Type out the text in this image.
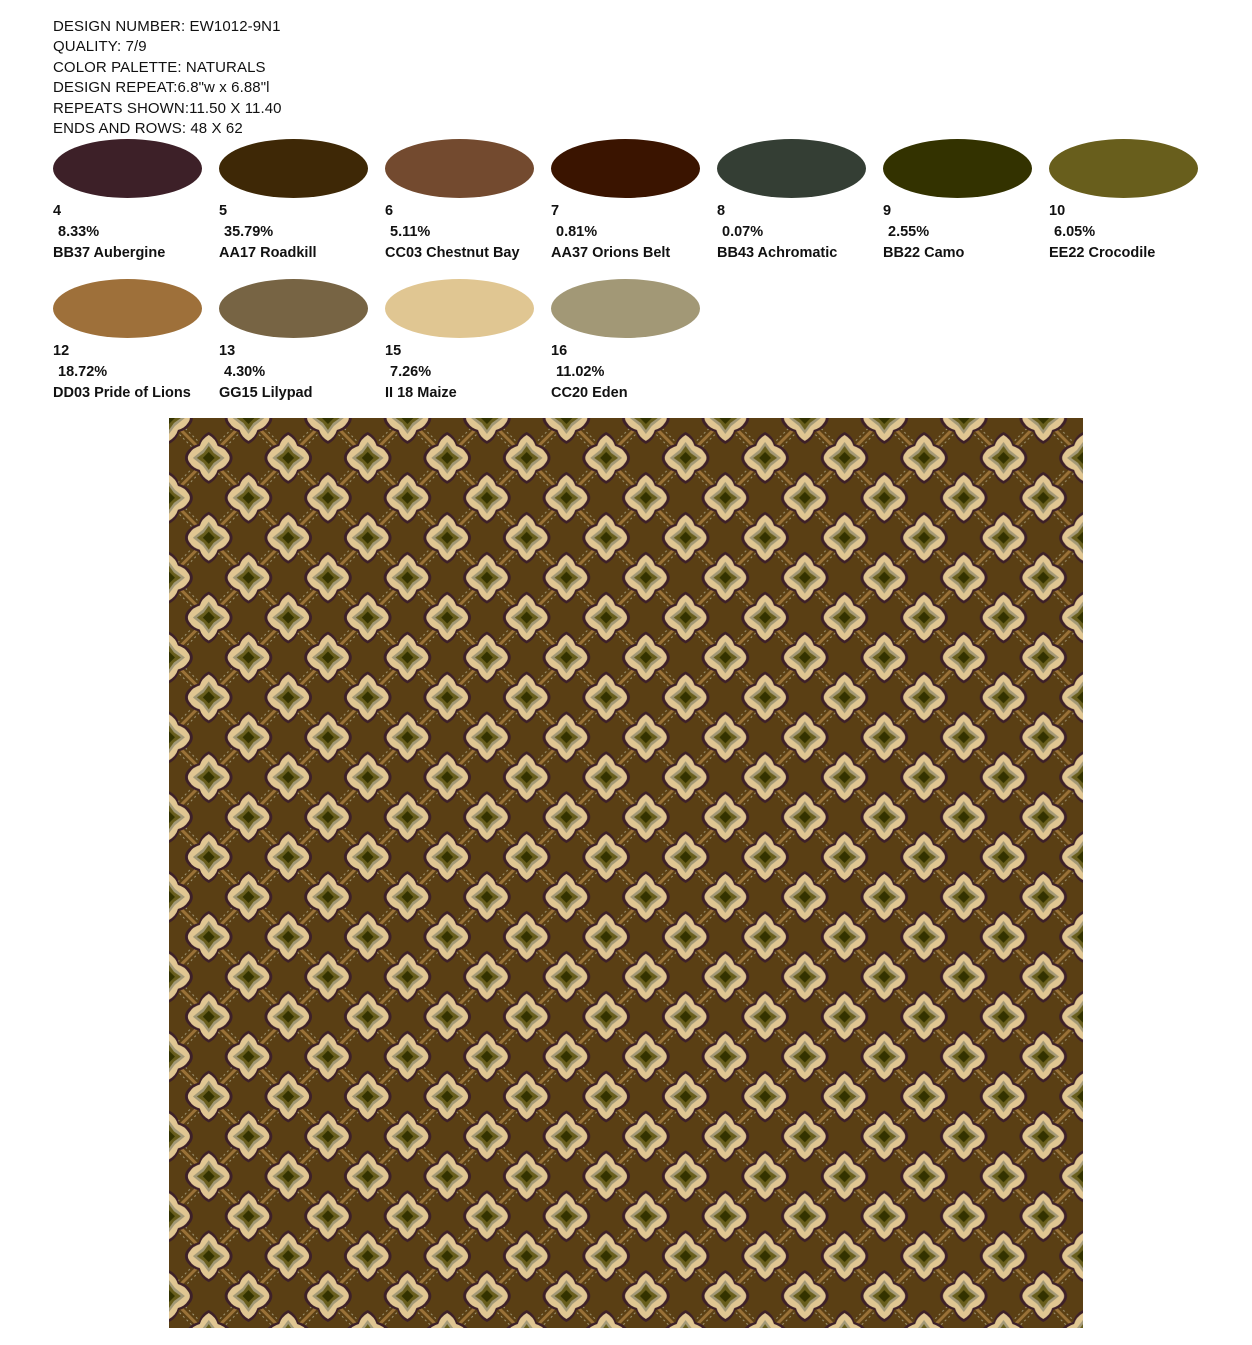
DESIGN NUMBER: EW1012-9N1
QUALITY: 7/9
COLOR PALETTE: NATURALS
DESIGN REPEAT:6.8"w x 6.88"l
REPEATS SHOWN:11.50 X 11.40
ENDS AND ROWS: 48 X 62
4
8.33%
BB37 Aubergine
5
35.79%
AA17 Roadkill
6
5.11%
CC03 Chestnut Bay
7
0.81%
AA37 Orions Belt
8
0.07%
BB43 Achromatic
9
2.55%
BB22 Camo
10
6.05%
EE22 Crocodile
12
18.72%
DD03 Pride of Lions
13
4.30%
GG15 Lilypad
15
7.26%
II 18 Maize
16
11.02%
CC20 Eden
